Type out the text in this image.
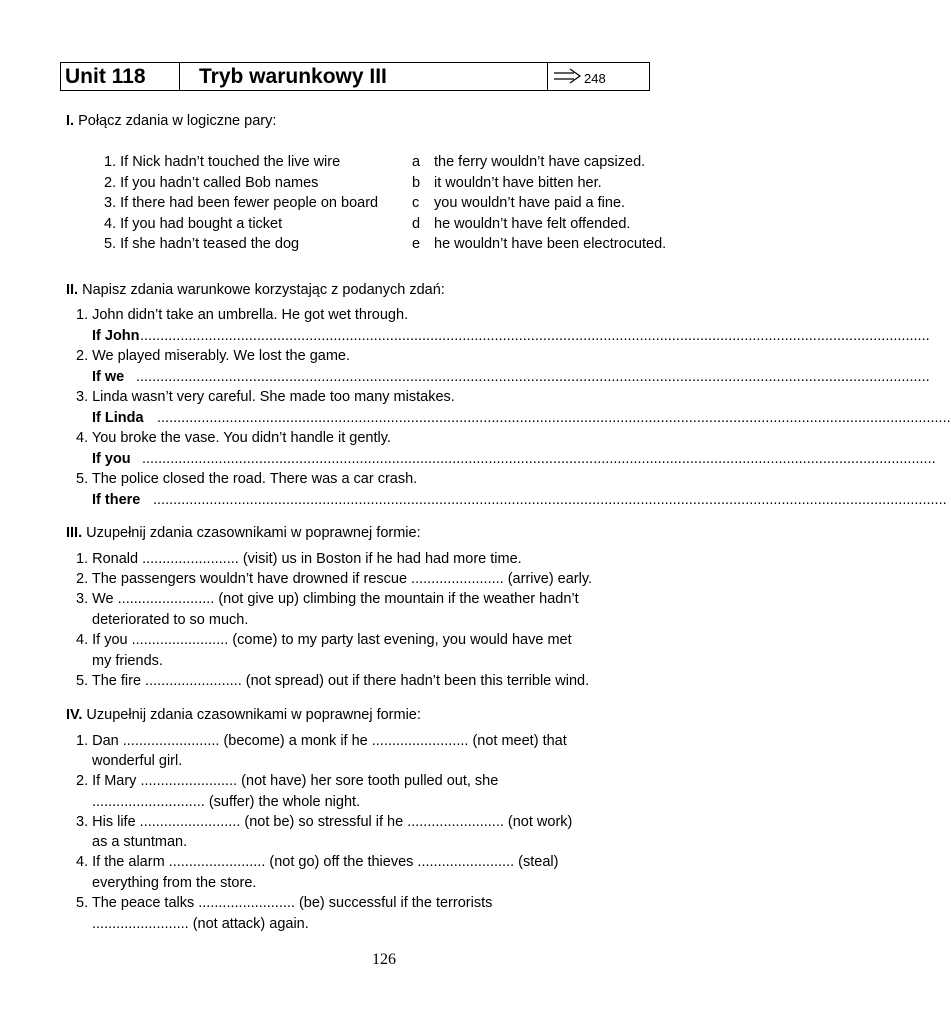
Unit 118	Tryb warunkowy III	248
I. Połącz zdania w logiczne pary:
1. If Nick hadn’t touched the live wire
2. If you hadn’t called Bob names
3. If there had been fewer people on board
4. If you had bought a ticket
5. If she hadn’t teased the dog
a
b
c
d
e
the ferry wouldn’t have capsized.
it wouldn’t have bitten her.
you wouldn’t have paid a fine.
he wouldn’t have felt offended.
he wouldn’t have been electrocuted.
II. Napisz zdania warunkowe korzystając z podanych zdań:
1. John didn’t take an umbrella. He got wet through.
If John
.....................................................................................................................................................................................................
2. We played miserably. We lost the game.
If we .....................................................................................................................................................................................................
3. Linda wasn’t very careful. She made too many mistakes.
If Linda .....................................................................................................................................................................................................
4. You broke the vase. You didn’t handle it gently.
If you .....................................................................................................................................................................................................
5. The police closed the road. There was a car crash.
If there .....................................................................................................................................................................................................
III. Uzupełnij zdania czasownikami w poprawnej formie:
1. Ronald ........................ (visit) us in Boston if he had had more time.
2. The passengers wouldn’t have drowned if rescue ....................... (arrive) early.
3. We ........................ (not give up) climbing the mountain if the weather hadn’t
deteriorated to so much.
4. If you ........................ (come) to my party last evening, you would have met
my friends.
5. The fire ........................ (not spread) out if there hadn’t been this terrible wind.
IV. Uzupełnij zdania czasownikami w poprawnej formie:
1. Dan ........................ (become) a monk if he ........................ (not meet) that
wonderful girl.
2. If Mary ........................ (not have) her sore tooth pulled out, she
............................ (suffer) the whole night.
3. His life ......................... (not be) so stressful if he ........................ (not work)
as a stuntman.
4. If the alarm ........................ (not go) off the thieves ........................ (steal)
everything from the store.
5. The peace talks ........................ (be) successful if the terrorists
........................ (not attack) again.
126
